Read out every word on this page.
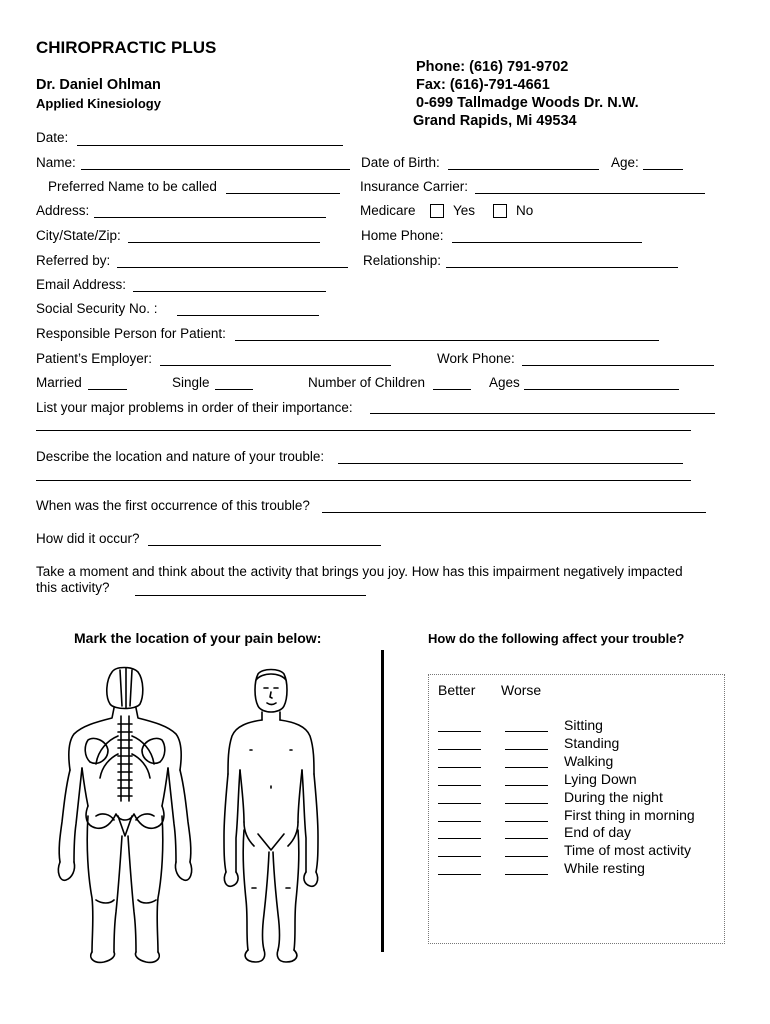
CHIROPRACTIC PLUS
Dr. Daniel Ohlman
Applied Kinesiology
Phone: (616) 791-9702
Fax: (616)-791-4661
0-699 Tallmadge Woods Dr. N.W.
Grand Rapids, Mi 49534
Date:
Name:	Date of Birth:	Age:
Preferred Name to be called	Insurance Carrier:
Address:	Medicare	Yes	No
City/State/Zip:	Home Phone:
Referred by:	Relationship:
Email Address:
Social Security No. :
Responsible Person for Patient:
Patient’s Employer:	Work Phone:
Married	Single	Number of Children	Ages
List your major problems in order of their importance:
Describe the location and nature of your trouble:
When was the first occurrence of this trouble?
How did it occur?
Take a moment and think about the activity that brings you joy. How has this impairment negatively impacted
this activity?
Mark the location of your pain below:	How do the following affect your trouble?
Better Worse
Sitting
Standing
Walking
Lying Down
During the night
First thing in morning
End of day
Time of most activity
While resting
